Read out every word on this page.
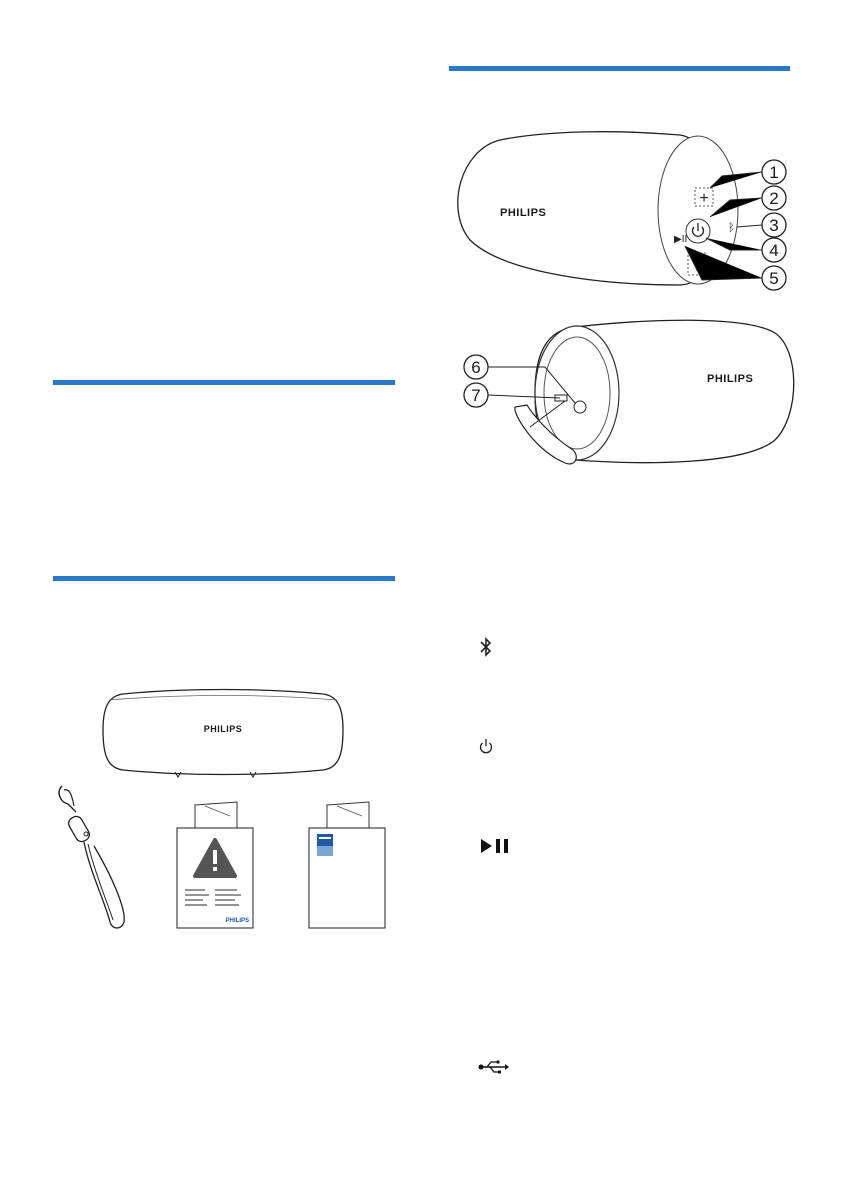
PHILIPS
+
ᛒ
▶II
1
2
3
4
5
PHILIPS
6
7
PHILIPS
PHILIPS
